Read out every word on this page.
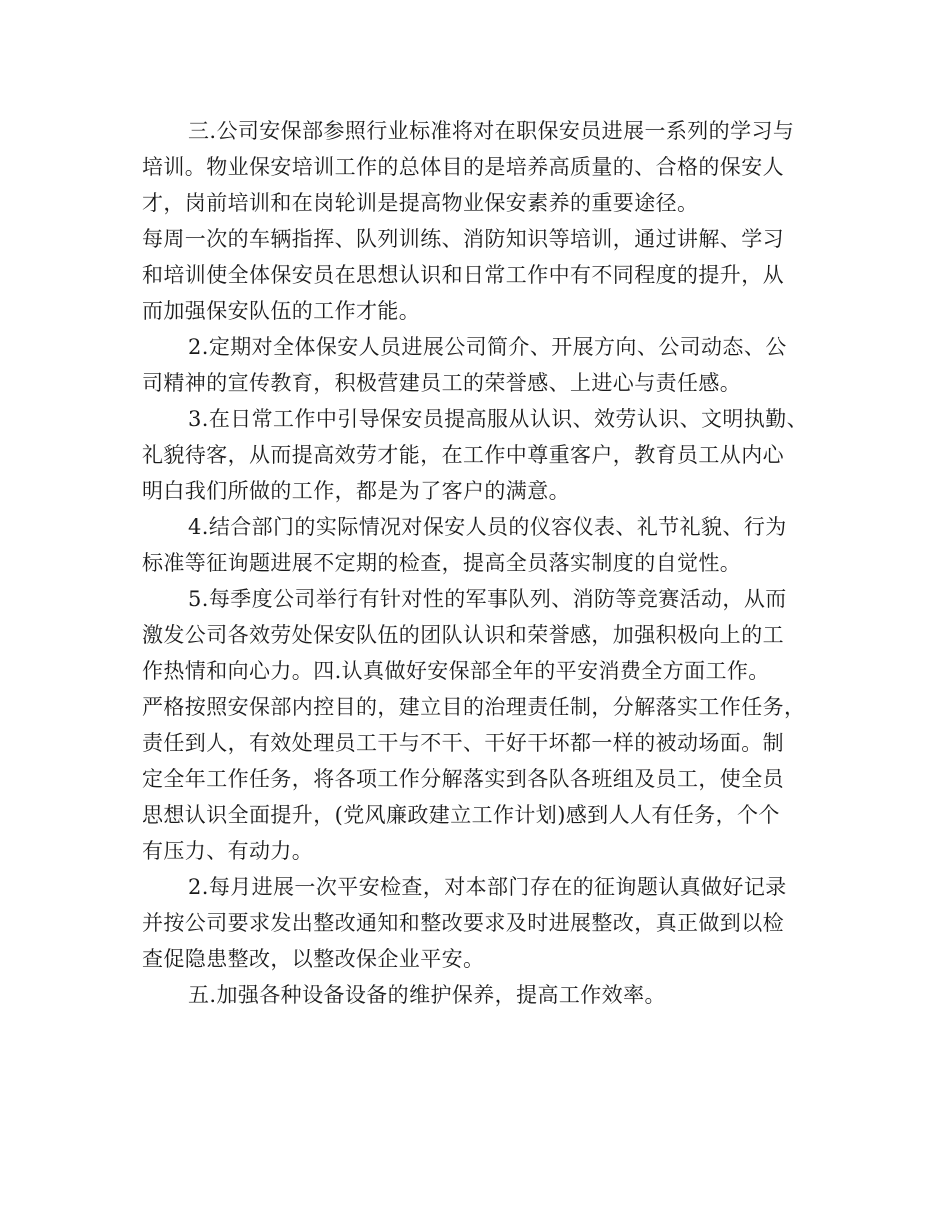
三.公司安保部参照行业标准将对在职保安员进展一系列的学习与
培训。物业保安培训工作的总体目的是培养高质量的、合格的保安人
才，岗前培训和在岗轮训是提高物业保安素养的重要途径。
每周一次的车辆指挥、队列训练、消防知识等培训，通过讲解、学习
和培训使全体保安员在思想认识和日常工作中有不同程度的提升，从
而加强保安队伍的工作才能。
2.定期对全体保安人员进展公司简介、开展方向、公司动态、公
司精神的宣传教育，积极营建员工的荣誉感、上进心与责任感。
3.在日常工作中引导保安员提高服从认识、效劳认识、文明执勤、
礼貌待客，从而提高效劳才能，在工作中尊重客户，教育员工从内心
明白我们所做的工作，都是为了客户的满意。
4.结合部门的实际情况对保安人员的仪容仪表、礼节礼貌、行为
标准等征询题进展不定期的检查，提高全员落实制度的自觉性。
5.每季度公司举行有针对性的军事队列、消防等竞赛活动，从而
激发公司各效劳处保安队伍的团队认识和荣誉感，加强积极向上的工
作热情和向心力。四.认真做好安保部全年的平安消费全方面工作。
严格按照安保部内控目的，建立目的治理责任制，分解落实工作任务，
责任到人，有效处理员工干与不干、干好干坏都一样的被动场面。制
定全年工作任务，将各项工作分解落实到各队各班组及员工，使全员
思想认识全面提升，(党风廉政建立工作计划)感到人人有任务，个个
有压力、有动力。
2.每月进展一次平安检查，对本部门存在的征询题认真做好记录
并按公司要求发出整改通知和整改要求及时进展整改，真正做到以检
查促隐患整改，以整改保企业平安。
五.加强各种设备设备的维护保养，提高工作效率。
